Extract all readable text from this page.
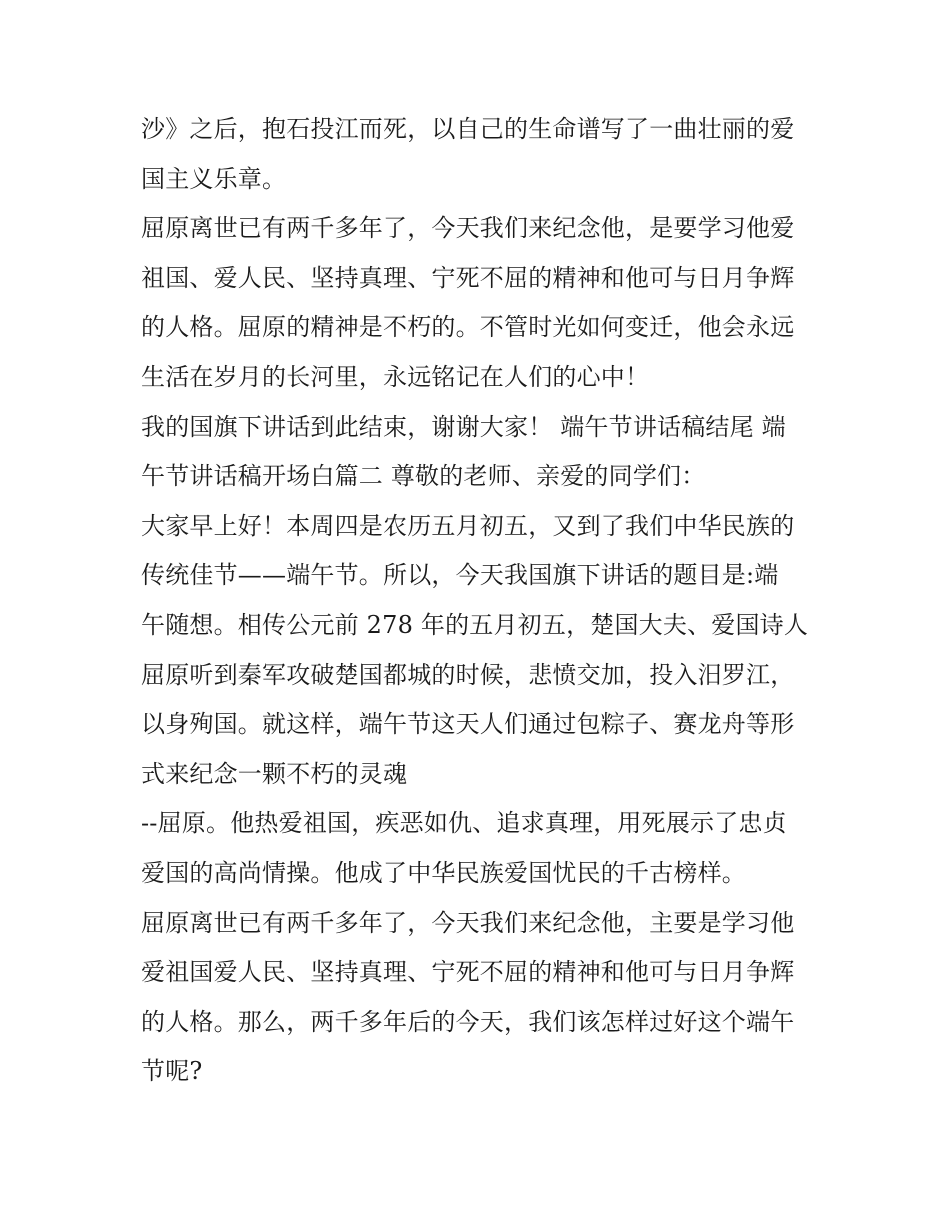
沙》之后，抱石投江而死，以自己的生命谱写了一曲壮丽的爱
国主义乐章。
屈原离世已有两千多年了，今天我们来纪念他，是要学习他爱
祖国、爱人民、坚持真理、宁死不屈的精神和他可与日月争辉
的人格。屈原的精神是不朽的。不管时光如何变迁，他会永远
生活在岁月的长河里，永远铭记在人们的心中！
我的国旗下讲话到此结束，谢谢大家！ 端午节讲话稿结尾 端
午节讲话稿开场白篇二 尊敬的老师、亲爱的同学们：
大家早上好！本周四是农历五月初五，又到了我们中华民族的
传统佳节——端午节。所以，今天我国旗下讲话的题目是:端
午随想。相传公元前 278 年的五月初五，楚国大夫、爱国诗人
屈原听到秦军攻破楚国都城的时候，悲愤交加，投入汨罗江，
以身殉国。就这样，端午节这天人们通过包粽子、赛龙舟等形
式来纪念一颗不朽的灵魂
--屈原。他热爱祖国，疾恶如仇、追求真理，用死展示了忠贞
爱国的高尚情操。他成了中华民族爱国忧民的千古榜样。
屈原离世已有两千多年了，今天我们来纪念他，主要是学习他
爱祖国爱人民、坚持真理、宁死不屈的精神和他可与日月争辉
的人格。那么，两千多年后的今天，我们该怎样过好这个端午
节呢?
